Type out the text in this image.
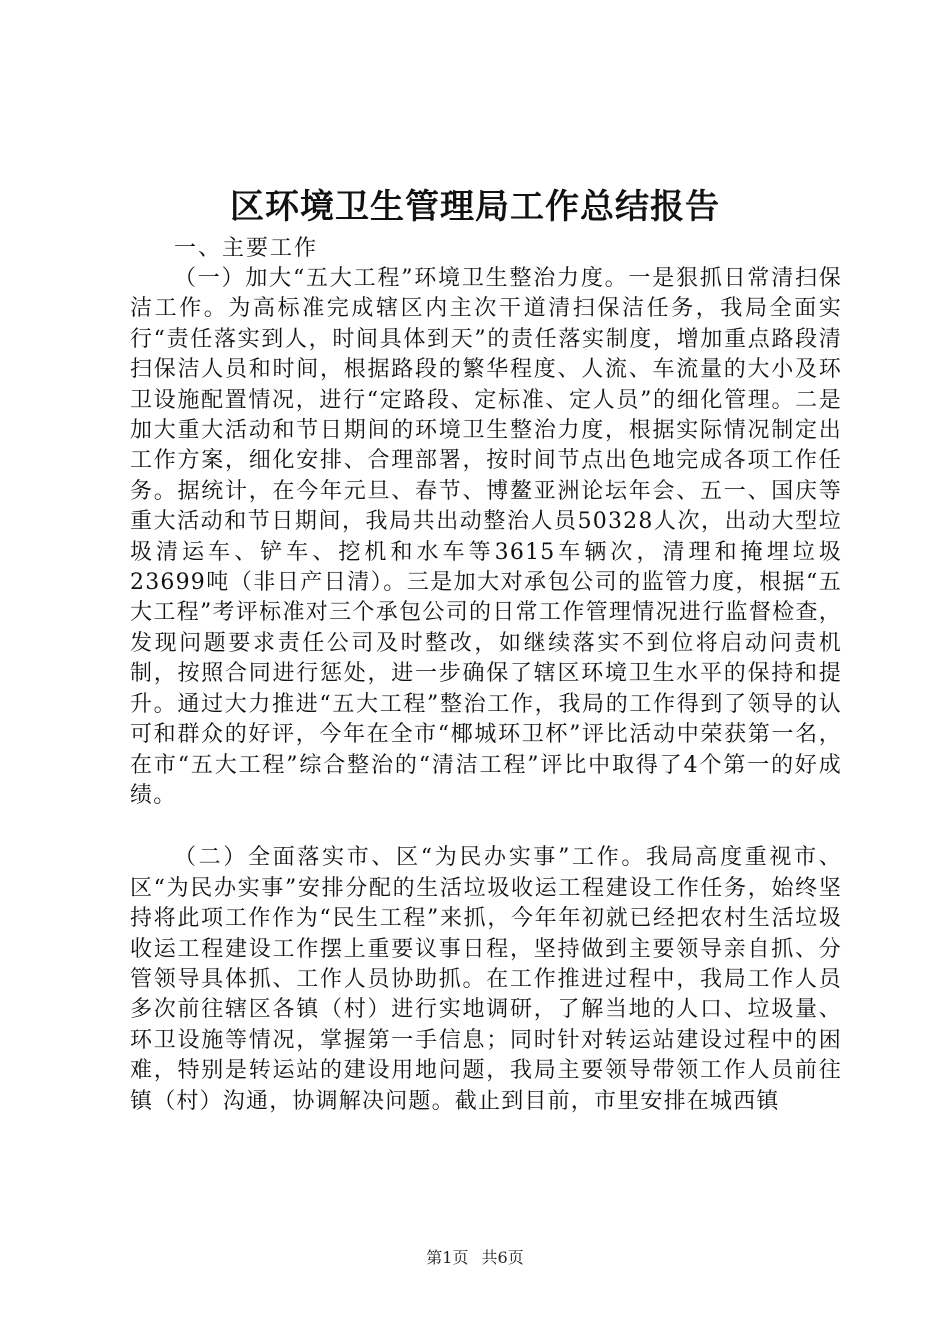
区环境卫生管理局工作总结报告

一、主要工作

（一）加大“五大工程”环境卫生整治力度。一是狠抓日常清扫保洁工作。为高标准完成辖区内主次干道清扫保洁任务，我局全面实行“责任落实到人，时间具体到天”的责任落实制度，增加重点路段清扫保洁人员和时间，根据路段的繁华程度、人流、车流量的大小及环卫设施配置情况，进行“定路段、定标准、定人员”的细化管理。二是加大重大活动和节日期间的环境卫生整治力度，根据实际情况制定出工作方案，细化安排、合理部署，按时间节点出色地完成各项工作任务。据统计，在今年元旦、春节、博鳌亚洲论坛年会、五一、国庆等重大活动和节日期间，我局共出动整治人员50328人次，出动大型垃圾清运车、铲车、挖机和水车等3615车辆次，清理和掩埋垃圾23699吨（非日产日清）。三是加大对承包公司的监管力度，根据“五大工程”考评标准对三个承包公司的日常工作管理情况进行监督检查，发现问题要求责任公司及时整改，如继续落实不到位将启动问责机制，按照合同进行惩处，进一步确保了辖区环境卫生水平的保持和提升。通过大力推进“五大工程”整治工作，我局的工作得到了领导的认可和群众的好评，今年在全市“椰城环卫杯”评比活动中荣获第一名，在市“五大工程”综合整治的“清洁工程”评比中取得了4个第一的好成绩。

（二）全面落实市、区“为民办实事”工作。我局高度重视市、区“为民办实事”安排分配的生活垃圾收运工程建设工作任务，始终坚持将此项工作作为“民生工程”来抓，今年年初就已经把农村生活垃圾收运工程建设工作摆上重要议事日程，坚持做到主要领导亲自抓、分管领导具体抓、工作人员协助抓。在工作推进过程中，我局工作人员多次前往辖区各镇（村）进行实地调研，了解当地的人口、垃圾量、环卫设施等情况，掌握第一手信息；同时针对转运站建设过程中的困难，特别是转运站的建设用地问题，我局主要领导带领工作人员前往镇（村）沟通，协调解决问题。截止到目前，市里安排在城西镇

第1页 共6页
